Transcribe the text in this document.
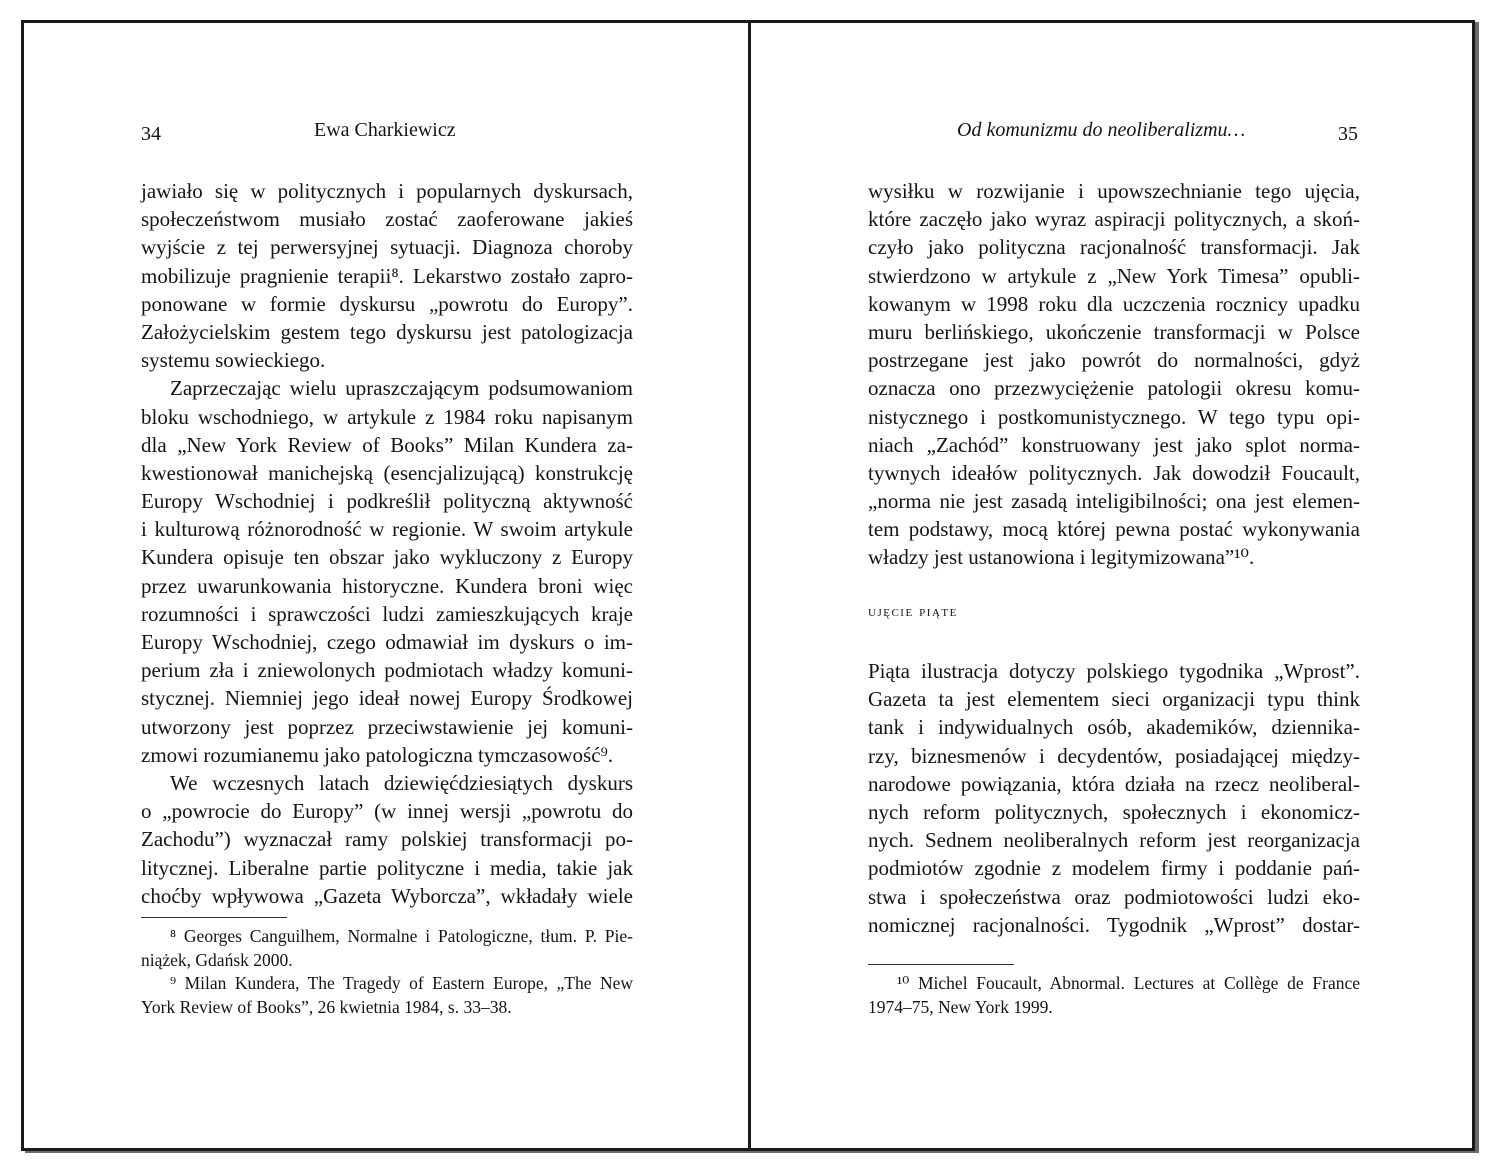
34	Ewa Charkiewicz
jawiało się w politycznych i popularnych dyskursach,
społeczeństwom musiało zostać zaoferowane jakieś
wyjście z tej perwersyjnej sytuacji. Diagnoza choroby
mobilizuje pragnienie terapii⁸. Lekarstwo zostało zapro-
ponowane w formie dyskursu „powrotu do Europy”.
Założycielskim gestem tego dyskursu jest patologizacja
systemu sowieckiego.
Zaprzeczając wielu upraszczającym podsumowaniom
bloku wschodniego, w artykule z 1984 roku napisanym
dla „New York Review of Books” Milan Kundera za-
kwestionował manichejską (esencjalizującą) konstrukcję
Europy Wschodniej i podkreślił polityczną aktywność
i kulturową różnorodność w regionie. W swoim artykule
Kundera opisuje ten obszar jako wykluczony z Europy
przez uwarunkowania historyczne. Kundera broni więc
rozumności i sprawczości ludzi zamieszkujących kraje
Europy Wschodniej, czego odmawiał im dyskurs o im-
perium zła i zniewolonych podmiotach władzy komuni-
stycznej. Niemniej jego ideał nowej Europy Środkowej
utworzony jest poprzez przeciwstawienie jej komuni-
zmowi rozumianemu jako patologiczna tymczasowość⁹.
We wczesnych latach dziewięćdziesiątych dyskurs
o „powrocie do Europy” (w innej wersji „powrotu do
Zachodu”) wyznaczał ramy polskiej transformacji po-
litycznej. Liberalne partie polityczne i media, takie jak
choćby wpływowa „Gazeta Wyborcza”, wkładały wiele
⁸ Georges Canguilhem, Normalne i Patologiczne, tłum. P. Pie-
niążek, Gdańsk 2000.
⁹ Milan Kundera, The Tragedy of Eastern Europe, „The New
York Review of Books”, 26 kwietnia 1984, s. 33–38.
Od komunizmu do neoliberalizmu…	35
wysiłku w rozwijanie i upowszechnianie tego ujęcia,
które zaczęło jako wyraz aspiracji politycznych, a skoń-
czyło jako polityczna racjonalność transformacji. Jak
stwierdzono w artykule z „New York Timesa” opubli-
kowanym w 1998 roku dla uczczenia rocznicy upadku
muru berlińskiego, ukończenie transformacji w Polsce
postrzegane jest jako powrót do normalności, gdyż
oznacza ono przezwyciężenie patologii okresu komu-
nistycznego i postkomunistycznego. W tego typu opi-
niach „Zachód” konstruowany jest jako splot norma-
tywnych ideałów politycznych. Jak dowodził Foucault,
„norma nie jest zasadą inteligibilności; ona jest elemen-
tem podstawy, mocą której pewna postać wykonywania
władzy jest ustanowiona i legitymizowana”¹⁰.
ujęcie piąte
Piąta ilustracja dotyczy polskiego tygodnika „Wprost”.
Gazeta ta jest elementem sieci organizacji typu think
tank i indywidualnych osób, akademików, dziennika-
rzy, biznesmenów i decydentów, posiadającej między-
narodowe powiązania, która działa na rzecz neoliberal-
nych reform politycznych, społecznych i ekonomicz-
nych. Sednem neoliberalnych reform jest reorganizacja
podmiotów zgodnie z modelem firmy i poddanie pań-
stwa i społeczeństwa oraz podmiotowości ludzi eko-
nomicznej racjonalności. Tygodnik „Wprost” dostar-
¹⁰ Michel Foucault, Abnormal. Lectures at Collège de France
1974–75, New York 1999.
